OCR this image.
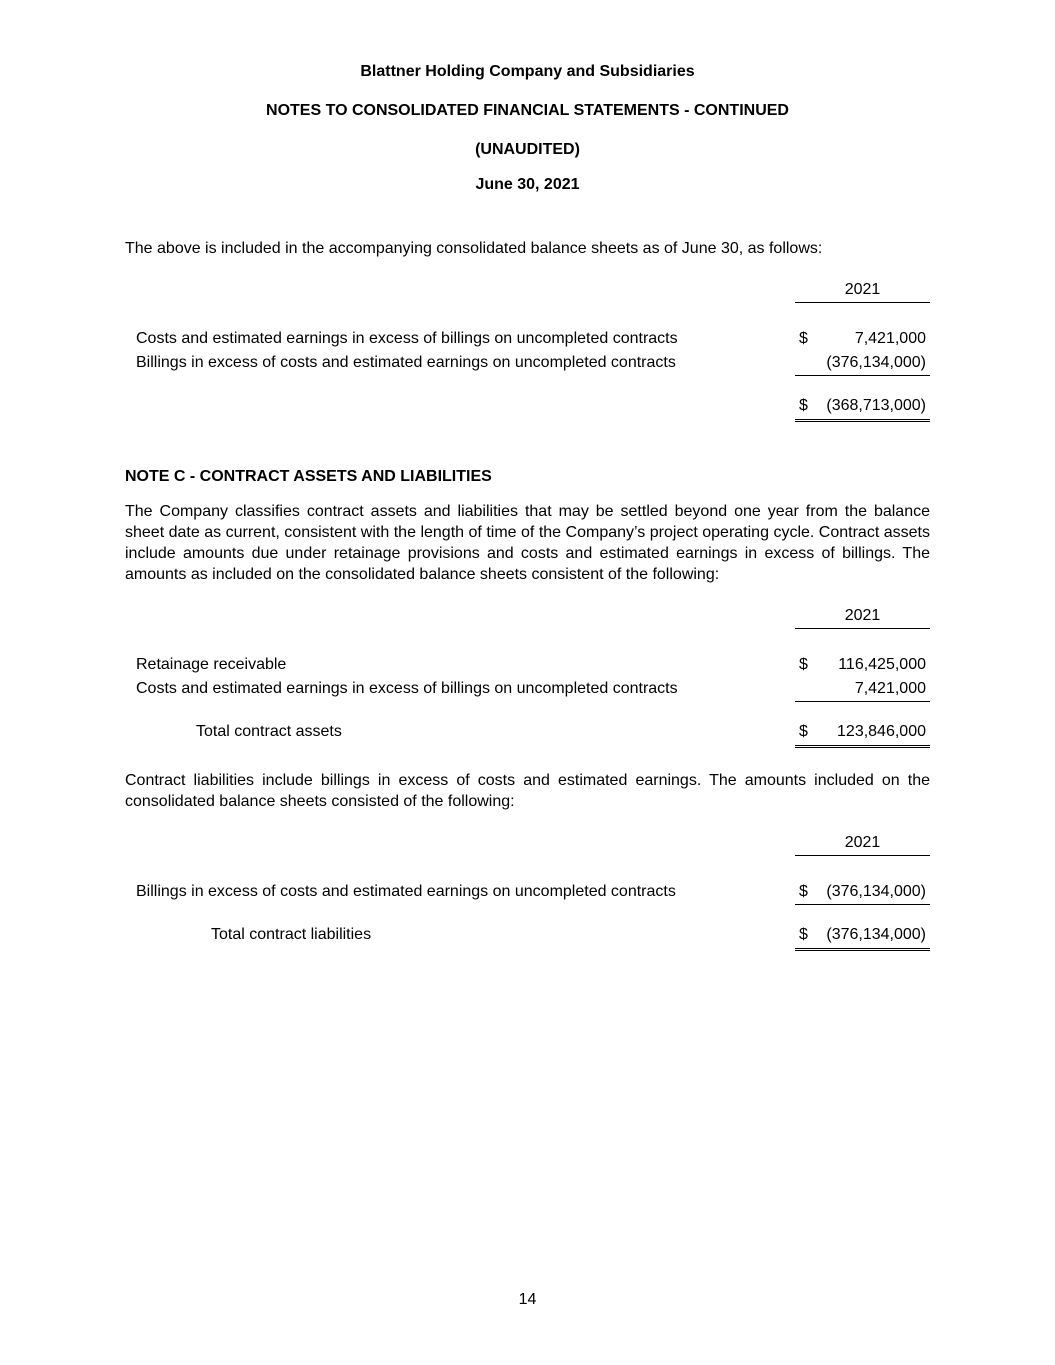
Blattner Holding Company and Subsidiaries
NOTES TO CONSOLIDATED FINANCIAL STATEMENTS - CONTINUED
(UNAUDITED)
June 30, 2021

The above is included in the accompanying consolidated balance sheets as of June 30, as follows:

2021
Costs and estimated earnings in excess of billings on uncompleted contracts	$	7,421,000
Billings in excess of costs and estimated earnings on uncompleted contracts	(376,134,000)
$ (368,713,000)
NOTE C - CONTRACT ASSETS AND LIABILITIES

The Company classifies contract assets and liabilities that may be settled beyond one year from the balance sheet date as current, consistent with the length of time of the Company’s project operating cycle. Contract assets include amounts due under retainage provisions and costs and estimated earnings in excess of billings. The amounts as included on the consolidated balance sheets consistent of the following:

2021
Retainage receivable	$ 116,425,000
Costs and estimated earnings in excess of billings on uncompleted contracts	7,421,000
Total contract assets	$ 123,846,000

Contract liabilities include billings in excess of costs and estimated earnings. The amounts included on the consolidated balance sheets consisted of the following:

2021
Billings in excess of costs and estimated earnings on uncompleted contracts	$ (376,134,000)
Total contract liabilities	$ (376,134,000)
14
